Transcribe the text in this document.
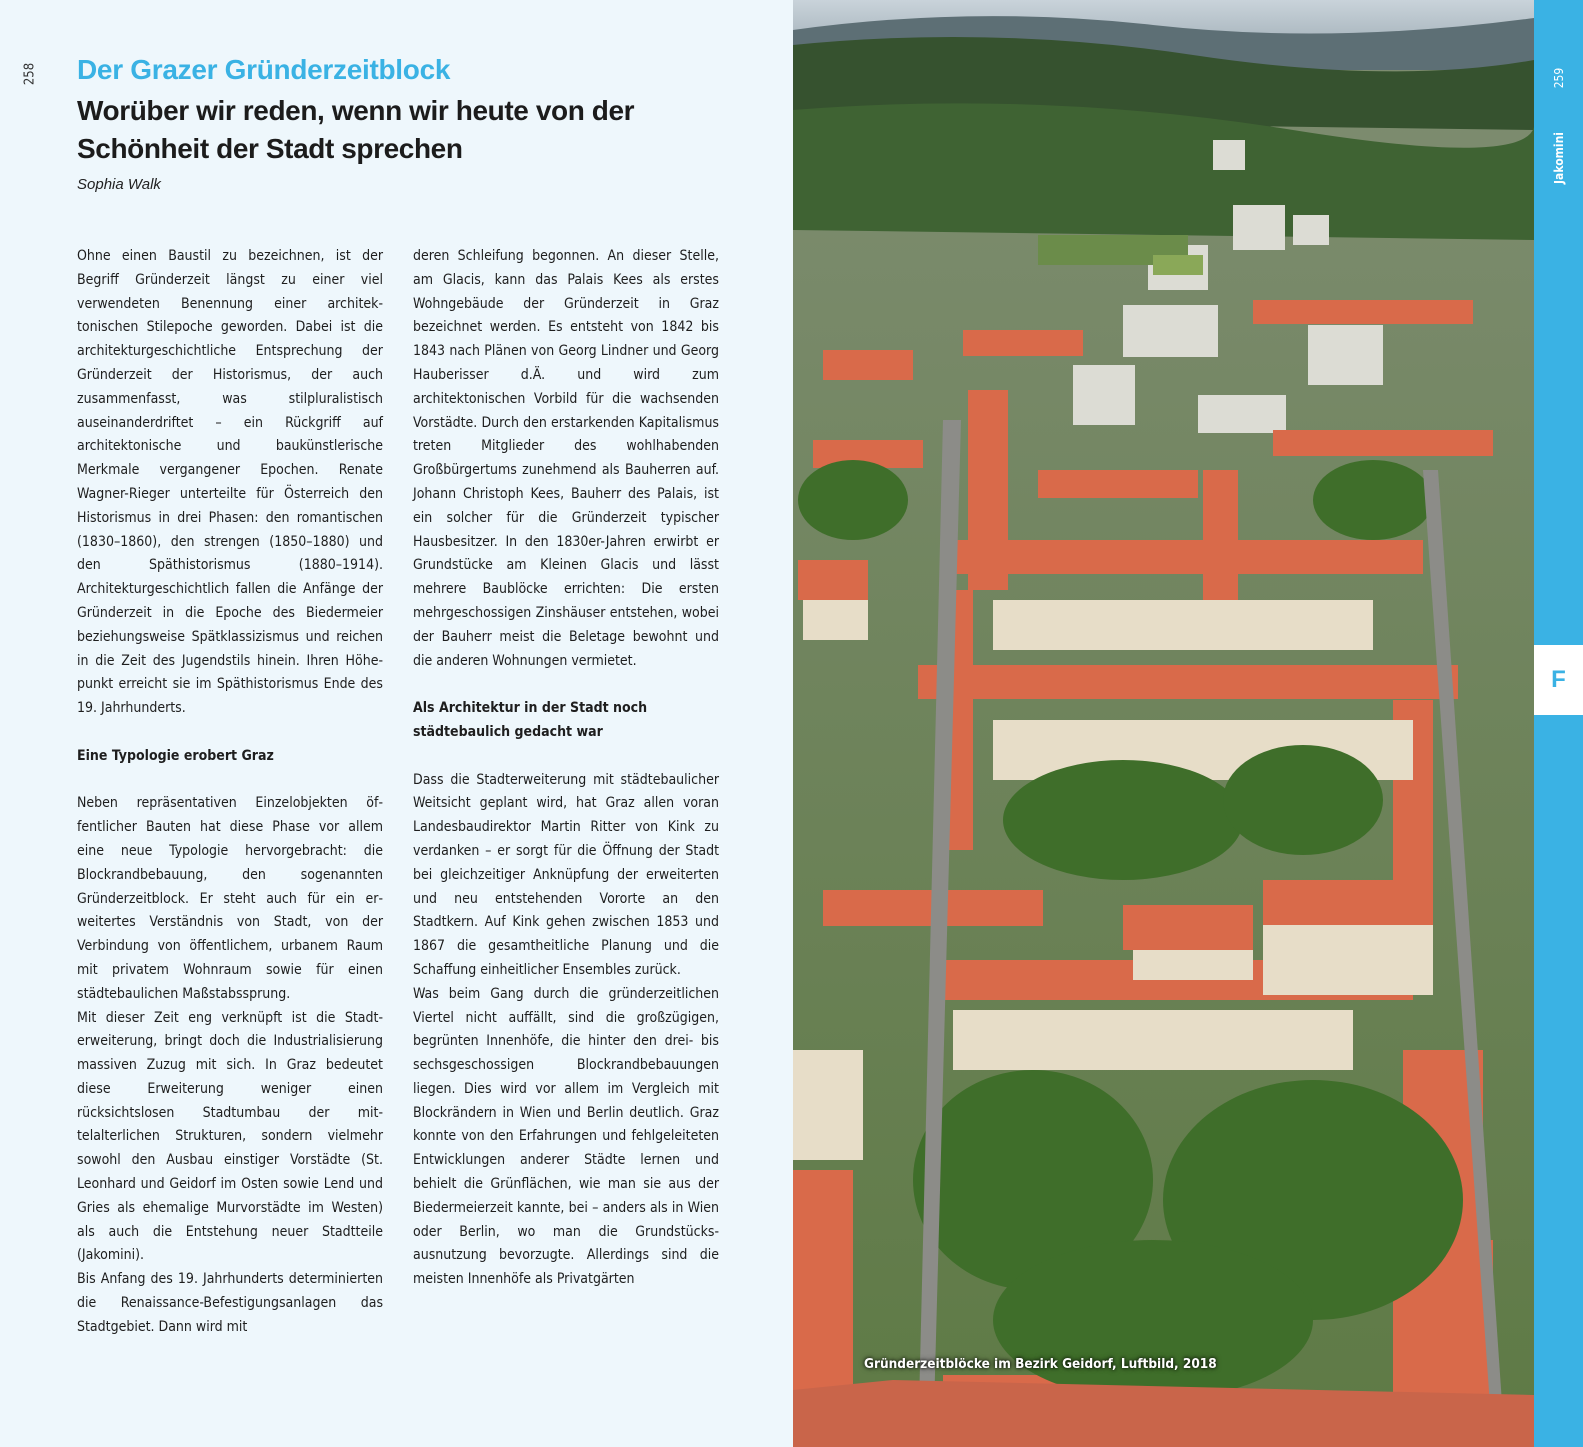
258 Der Grazer Gründerzeitblock
Worüber wir reden, wenn wir heute von der Schönheit der Stadt sprechen
Sophia Walk

Ohne einen Baustil zu bezeichnen, ist der Begriff Gründerzeit längst zu einer viel verwendeten Benennung einer architektonischen Stilepoche geworden. Dabei ist die architekturgeschichtliche Entsprechung der Gründerzeit der Historismus, der auch zusammenfasst, was stilpluralistisch auseinanderdriftet – ein Rückgriff auf architektonische und baukünstlerische Merkmale vergangener Epochen. Renate Wagner-Rieger unterteilte für Österreich den Historismus in drei Phasen: den romantischen (1830–1860), den strengen (1850–1880) und den Späthistorismus (1880–1914). Architekturgeschichtlich fallen die Anfänge der Gründerzeit in die Epoche des Biedermeier beziehungsweise Spätklassizismus und reichen in die Zeit des Jugendstils hinein. Ihren Höhepunkt erreicht sie im Späthistorismus Ende des 19. Jahrhunderts.

Eine Typologie erobert Graz

Neben repräsentativen Einzelobjekten öffentlicher Bauten hat diese Phase vor allem eine neue Typologie hervorgebracht: die Blockrandbebauung, den sogenannten Gründerzeitblock. Er steht auch für ein erweitertes Verständnis von Stadt, von der Verbindung von öffentlichem, urbanem Raum mit privatem Wohnraum sowie für einen städtebaulichen Maßstabssprung.

Mit dieser Zeit eng verknüpft ist die Stadterweiterung, bringt doch die Industrialisierung massiven Zuzug mit sich. In Graz bedeutet diese Erweiterung weniger einen rücksichtslosen Stadtumbau der mittelalterlichen Strukturen, sondern vielmehr sowohl den Ausbau einstiger Vorstädte (St. Leonhard und Geidorf im Osten sowie Lend und Gries als ehemalige Murvorstädte im Westen) als auch die Entstehung neuer Stadtteile (Jakomini).

Bis Anfang des 19. Jahrhunderts determinierten die Renaissance-Befestigungsanlagen das Stadtgebiet. Dann wird mit

deren Schleifung begonnen. An dieser Stelle, am Glacis, kann das Palais Kees als erstes Wohngebäude der Gründerzeit in Graz bezeichnet werden. Es entsteht von 1842 bis 1843 nach Plänen von Georg Lindner und Georg Hauberisser d.Ä. und wird zum architektonischen Vorbild für die wachsenden Vorstädte. Durch den erstarkenden Kapitalismus treten Mitglieder des wohlhabenden Großbürgertums zunehmend als Bauherren auf. Johann Christoph Kees, Bauherr des Palais, ist ein solcher für die Gründerzeit typischer Hausbesitzer. In den 1830er-Jahren erwirbt er Grundstücke am Kleinen Glacis und lässt mehrere Baublöcke errichten: Die ersten mehrgeschossigen Zinshäuser entstehen, wobei der Bauherr meist die Beletage bewohnt und die anderen Wohnungen vermietet.

Als Architektur in der Stadt noch städtebaulich gedacht war

Dass die Stadterweiterung mit städtebaulicher Weitsicht geplant wird, hat Graz allen voran Landesbaudirektor Martin Ritter von Kink zu verdanken – er sorgt für die Öffnung der Stadt bei gleichzeitiger Anknüpfung der erweiterten und neu entstehenden Vororte an den Stadtkern. Auf Kink gehen zwischen 1853 und 1867 die gesamtheitliche Planung und die Schaffung einheitlicher Ensembles zurück.

Was beim Gang durch die gründerzeitlichen Viertel nicht auffällt, sind die großzügigen, begrünten Innenhöfe, die hinter den drei- bis sechsgeschossigen Blockrandbebauungen liegen. Dies wird vor allem im Vergleich mit Blockrändern in Wien und Berlin deutlich. Graz konnte von den Erfahrungen und fehlgeleiteten Entwicklungen anderer Städte lernen und behielt die Grünflächen, wie man sie aus der Biedermeierzeit kannte, bei – anders als in Wien oder Berlin, wo man die Grundstücksausnutzung bevorzugte. Allerdings sind die meisten Innenhöfe als Privatgärten

Gründerzeitblöcke im Bezirk Geidorf, Luftbild, 2018
259
Jakomini
F
